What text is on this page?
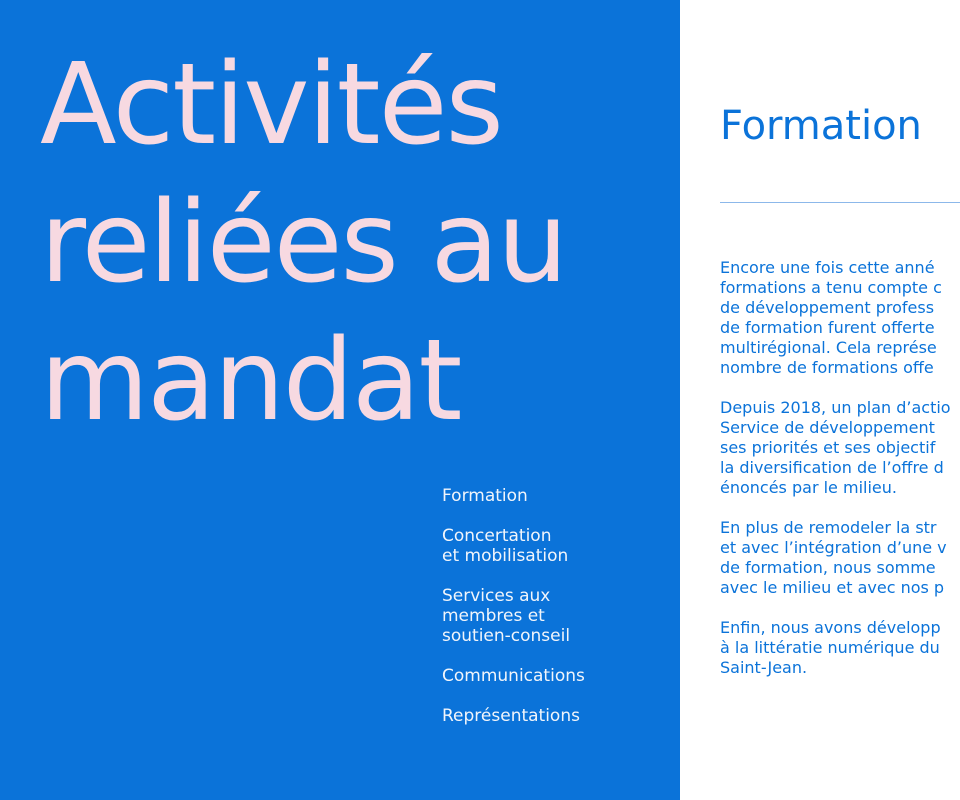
Activités
reliées au
mandat
Formation
Concertation
et mobilisation
Services aux
membres et
soutien-conseil
Communications
Représentations
Formation

Encore une fois cette anné
formations a tenu compte c
de développement profess
de formation furent offerte
multirégional. Cela représe
nombre de formations offe

Depuis 2018, un plan d’actio
Service de développement
ses priorités et ses objectif
la diversification de l’offre d
énoncés par le milieu.

En plus de remodeler la str
et avec l’intégration d’une v
de formation, nous somme
avec le milieu et avec nos p

Enfin, nous avons développ
à la littératie numérique du
Saint-Jean.
